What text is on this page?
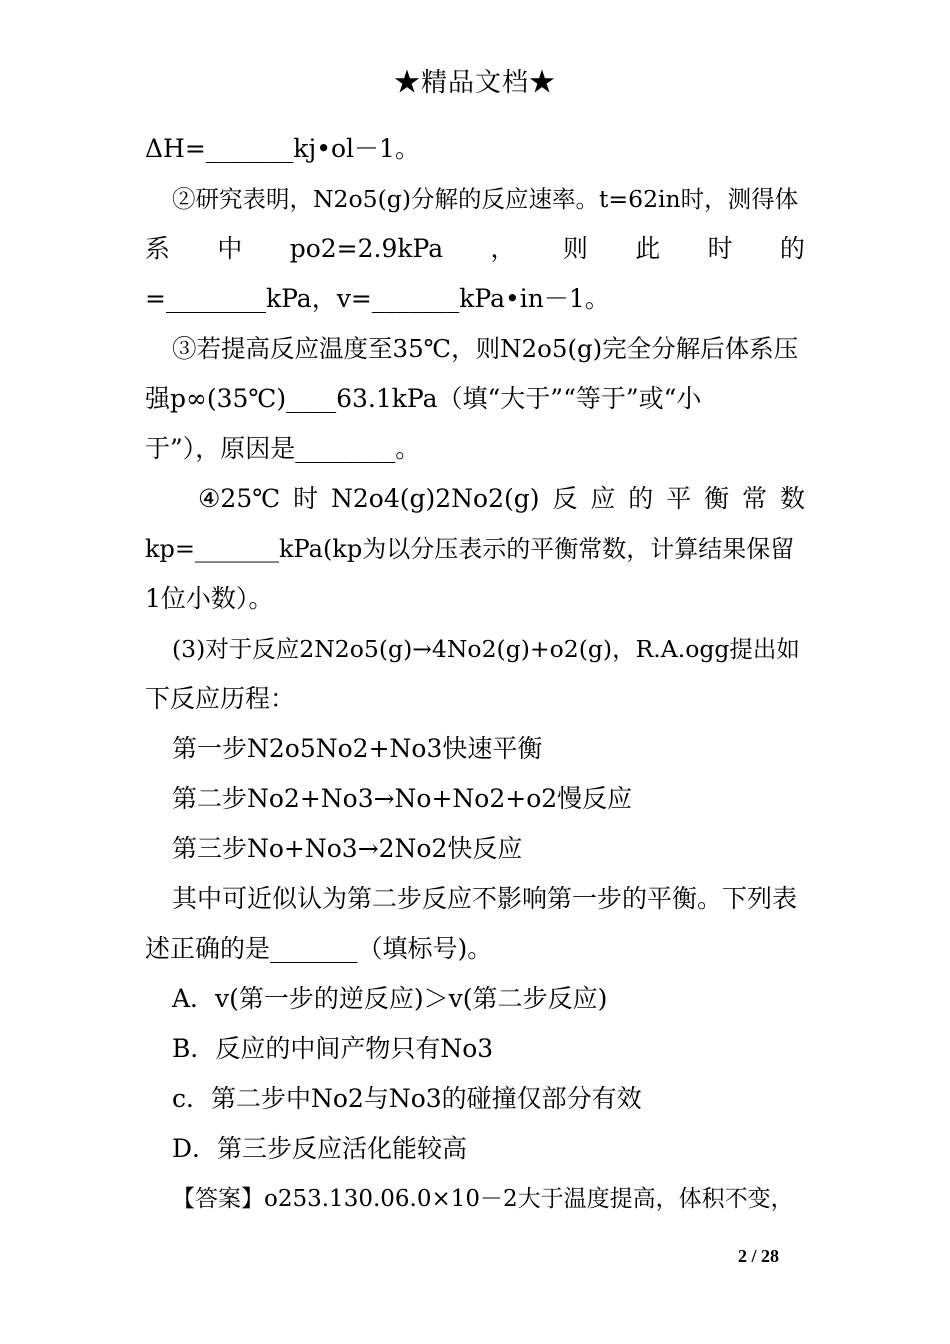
★精品文档★
ΔH=_______kj•ol－1。
②研究表明，N2o5(g)分解的反应速率。t=62in时，测得体
系 中 po2=2.9kPa ， 则 此 时 的
=________kPa，v=_______kPa•in－1。
③若提高反应温度至35℃，则N2o5(g)完全分解后体系压
强p∞(35℃)____63.1kPa（填“大于”“等于”或“小
于”），原因是________。
④25℃ 时 N2o4(g)2No2(g) 反 应 的 平 衡 常 数
kp=_______kPa(kp为以分压表示的平衡常数，计算结果保留
1位小数）。
(3)对于反应2N2o5(g)→4No2(g)+o2(g)，R.A.ogg提出如
下反应历程：
第一步N2o5No2+No3快速平衡
第二步No2+No3→No+No2+o2慢反应
第三步No+No3→2No2快反应
其中可近似认为第二步反应不影响第一步的平衡。下列表
述正确的是_______（填标号)。
A．v(第一步的逆反应)＞v(第二步反应)
B．反应的中间产物只有No3
c．第二步中No2与No3的碰撞仅部分有效
D．第三步反应活化能较高
【答案】o253.130.06.0×10－2大于温度提高，体积不变，
2 / 28
